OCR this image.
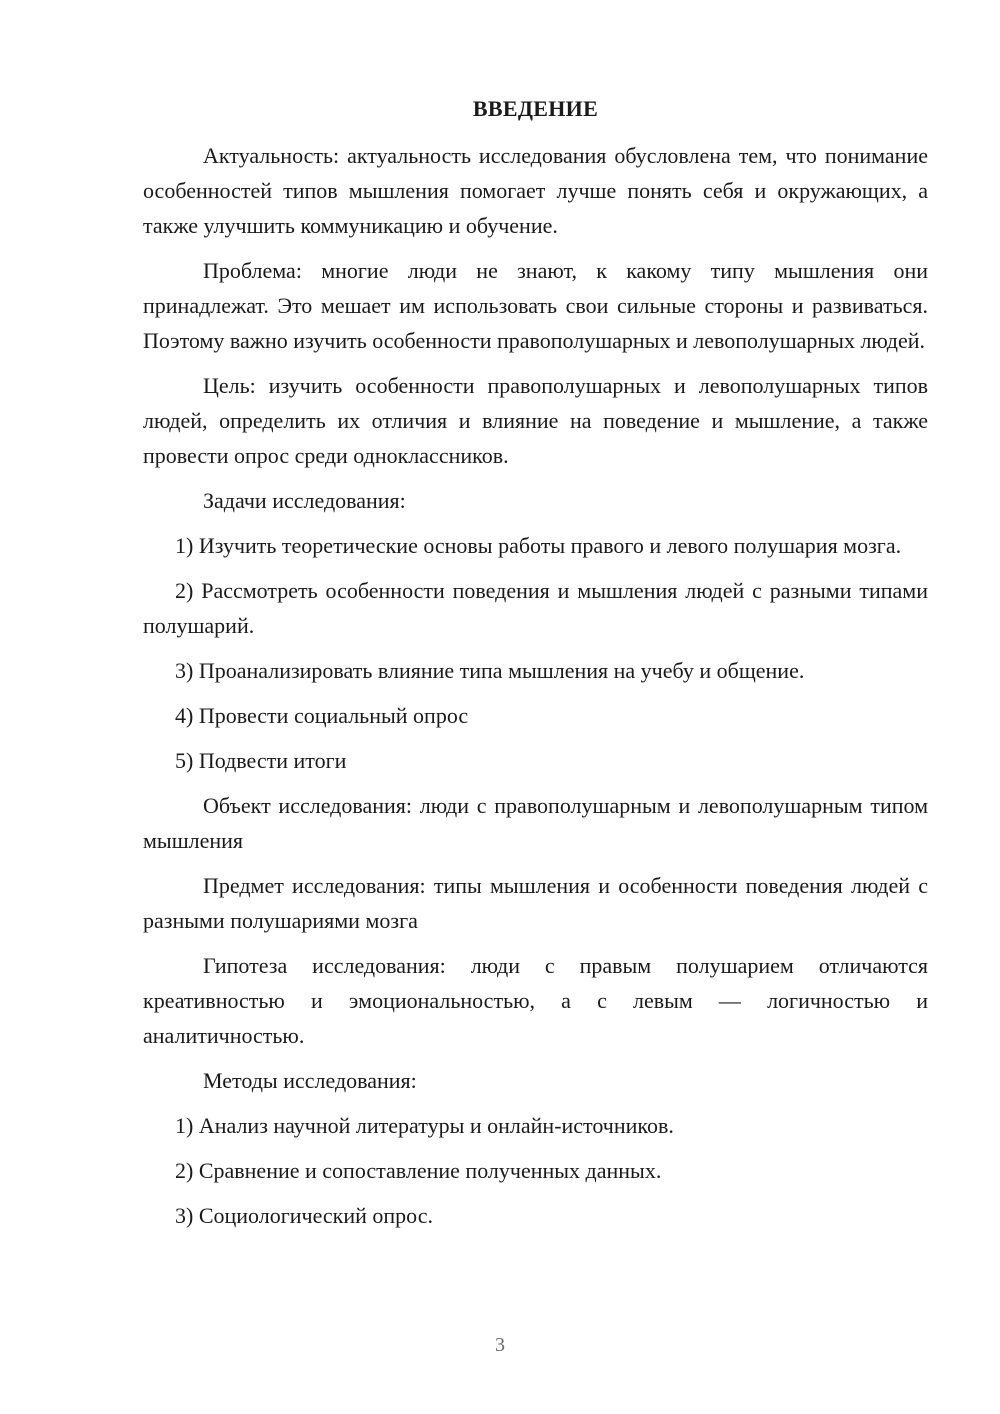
ВВЕДЕНИЕ

Актуальность: актуальность исследования обусловлена тем, что понимание особенностей типов мышления помогает лучше понять себя и окружающих, а также улучшить коммуникацию и обучение.

Проблема: многие люди не знают, к какому типу мышления они принадлежат. Это мешает им использовать свои сильные стороны и развиваться. Поэтому важно изучить особенности правополушарных и левополушарных людей.

Цель: изучить особенности правополушарных и левополушарных типов людей, определить их отличия и влияние на поведение и мышление, а также провести опрос среди одноклассников.

Задачи исследования:

1) Изучить теоретические основы работы правого и левого полушария мозга.

2) Рассмотреть особенности поведения и мышления людей с разными типами полушарий.

3) Проанализировать влияние типа мышления на учебу и общение.

4) Провести социальный опрос

5) Подвести итоги

Объект исследования: люди с правополушарным и левополушарным типом мышления

Предмет исследования: типы мышления и особенности поведения людей с разными полушариями мозга

Гипотеза исследования: люди с правым полушарием отличаются креативностью и эмоциональностью, а с левым — логичностью и аналитичностью.

Методы исследования:

1) Анализ научной литературы и онлайн-источников.

2) Сравнение и сопоставление полученных данных.

3) Социологический опрос.

3
